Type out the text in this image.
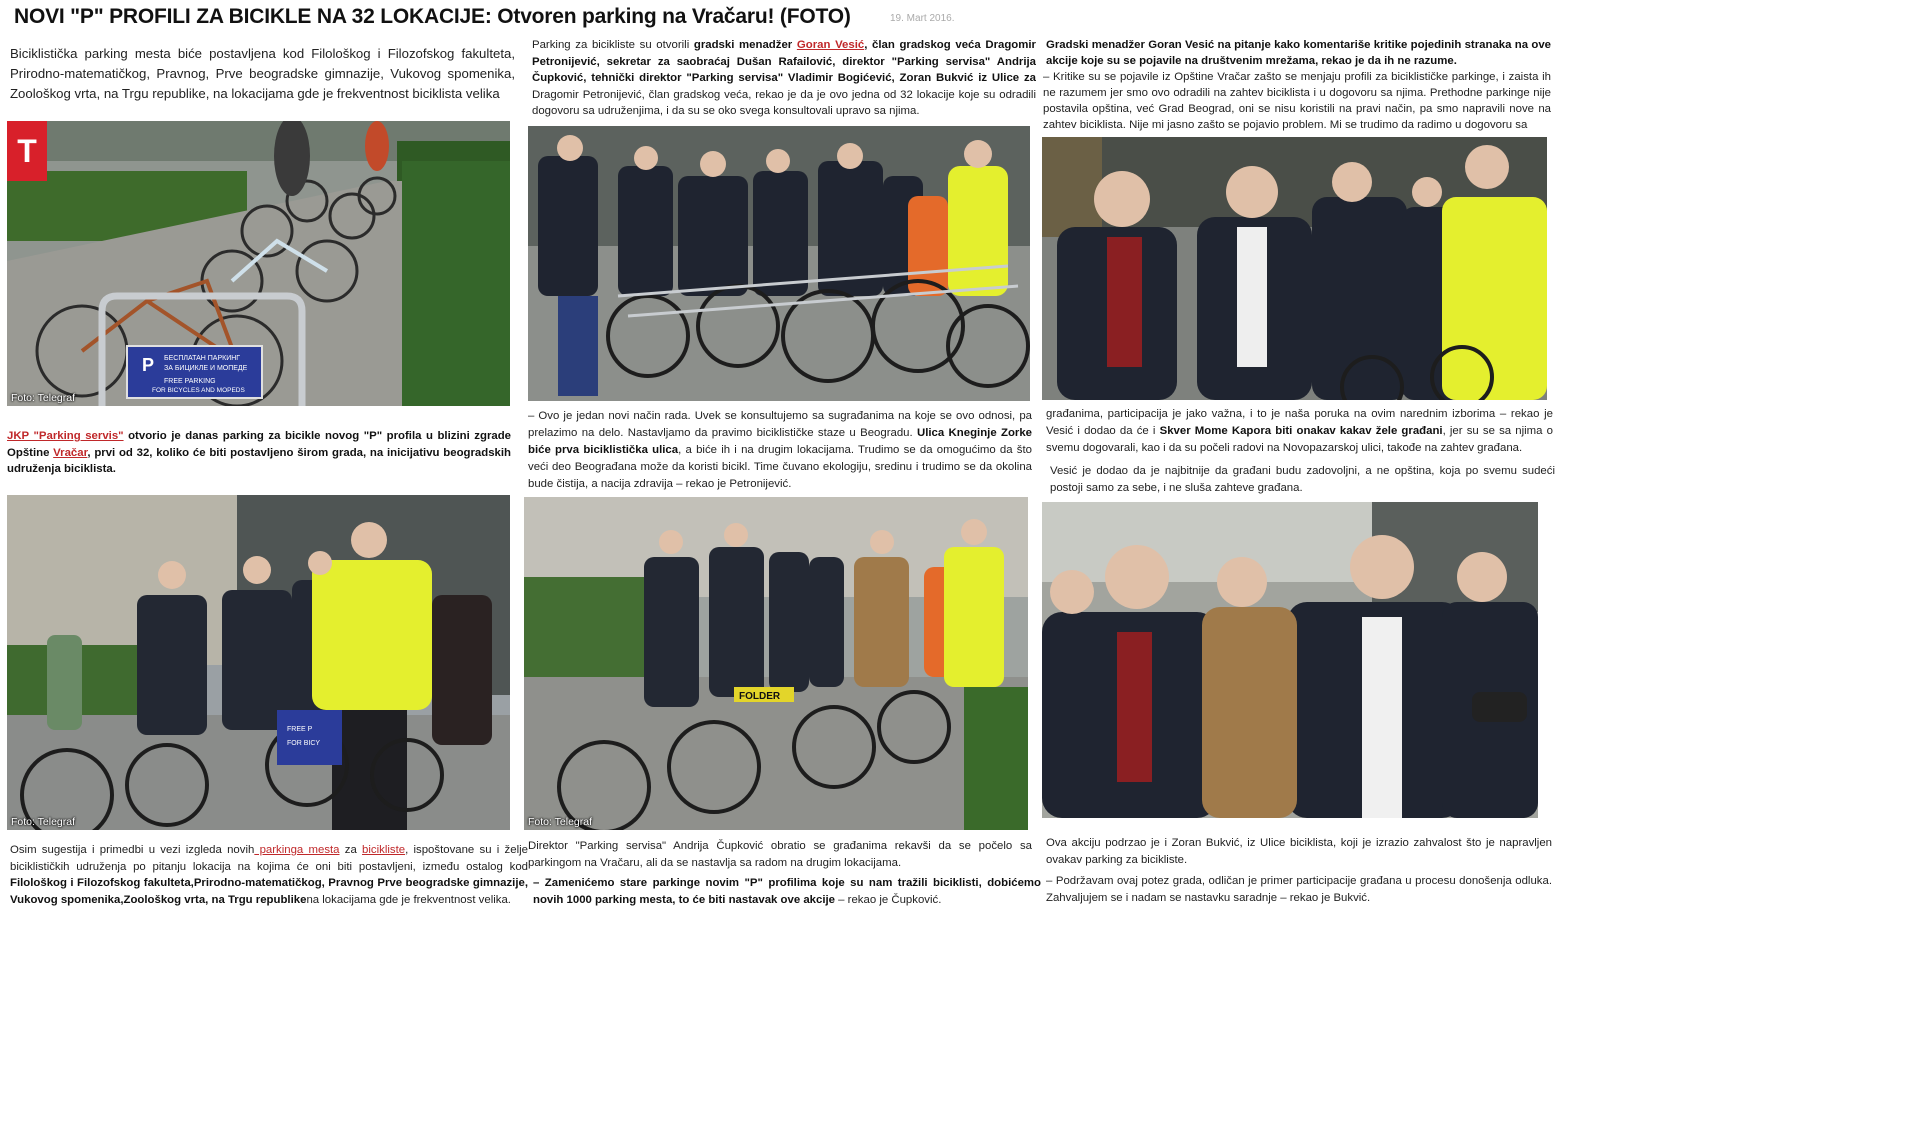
NOVI "P" PROFILI ZA BICIKLE NA 32 LOKACIJE: Otvoren parking na Vračaru! (FOTO)	19. Mart 2016.

Biciklistička parking mesta biće postavljena kod Filološkog i Filozofskog fakulteta, Prirodno-matematičkog, Pravnog, Prve beogradske gimnazije, Vukovog spomenika, Zoološkog vrta, na Trgu republike, na lokacijama gde je frekventnost biciklista velika

P БЕСПЛАТАН ПАРКИНГ
ЗА БИЦИКЛЕ И МОПЕДЕ
FREE PARKING
FOR BICYCLES AND MOPEDS
T
Foto: Telegraf

JKP "Parking servis" otvorio je danas parking za bicikle novog "P" profila u blizini zgrade Opštine Vračar, prvi od 32, koliko će biti postavljeno širom grada, na inicijativu beogradskih udruženja biciklista.

FREE P
FOR BICY
Foto: Telegraf

Osim sugestija i primedbi u vezi izgleda novih parkinga mesta za bicikliste, ispoštovane su i želje biciklističkih udruženja po pitanju lokacija na kojima će oni biti postavljeni, između ostalog kod Filološkog i Filozofskog fakulteta,Prirodno-matematičkog, Pravnog Prve beogradske gimnazije, Vukovog spomenika,Zoološkog vrta, na Trgu republikena lokacijama gde je frekventnost velika.

Parking za bicikliste su otvorili gradski menadžer Goran Vesić, član gradskog veća Dragomir Petronijević, sekretar za saobraćaj Dušan Rafailović, direktor "Parking servisa" Andrija Čupković, tehnički direktor "Parking servisa" Vladimir Bogićević, Zoran Bukvić iz Ulice za

Dragomir Petronijević, član gradskog veća, rekao je da je ovo jedna od 32 lokacije koje su odradili dogovoru sa udruženjima, i da su se oko svega konsultovali upravo sa njima.

– Ovo je jedan novi način rada. Uvek se konsultujemo sa sugrađanima na koje se ovo odnosi, pa prelazimo na delo. Nastavljamo da pravimo biciklističke staze u Beogradu. Ulica Kneginje Zorke biće prva biciklistička ulica, a biće ih i na drugim lokacijama. Trudimo se da omogućimo da što veći deo Beograđana može da koristi bicikl. Time čuvano ekologiju, sredinu i trudimo se da okolina bude čistija, a nacija zdravija – rekao je Petronijević.

FOLDER
Foto: Telegraf

Direktor "Parking servisa" Andrija Čupković obratio se građanima rekavši da se počelo sa parkingom na Vračaru, ali da se nastavlja sa radom na drugim lokacijama.

– Zamenićemo stare parkinge novim "P" profilima koje su nam tražili biciklisti, dobićemo novih 1000 parking mesta, to će biti nastavak ove akcije – rekao je Čupković.

Gradski menadžer Goran Vesić na pitanje kako komentariše kritike pojedinih stranaka na ove akcije koje su se pojavile na društvenim mrežama, rekao je da ih ne razume.

– Kritike su se pojavile iz Opštine Vračar zašto se menjaju profili za biciklističke parkinge, i zaista ih ne razumem jer smo ovo odradili na zahtev biciklista i u dogovoru sa njima. Prethodne parkinge nije postavila opština, već Grad Beograd, oni se nisu koristili na pravi način, pa smo napravili nove na zahtev biciklista. Nije mi jasno zašto se pojavio problem. Mi se trudimo da radimo u dogovoru sa

građanima, participacija je jako važna, i to je naša poruka na ovim narednim izborima – rekao je Vesić i dodao da će i Skver Mome Kapora biti onakav kakav žele građani, jer su se sa njima o svemu dogovarali, kao i da su počeli radovi na Novopazarskoj ulici, takođe na zahtev građana.

Vesić je dodao da je najbitnije da građani budu zadovoljni, a ne opština, koja po svemu sudeći postoji samo za sebe, i ne sluša zahteve građana.

Ova akciju podrzao je i Zoran Bukvić, iz Ulice biciklista, koji je izrazio zahvalost što je napravljen ovakav parking za bicikliste.

– Podržavam ovaj potez grada, odličan je primer participacije građana u procesu donošenja odluka. Zahvaljujem se i nadam se nastavku saradnje – rekao je Bukvić.
